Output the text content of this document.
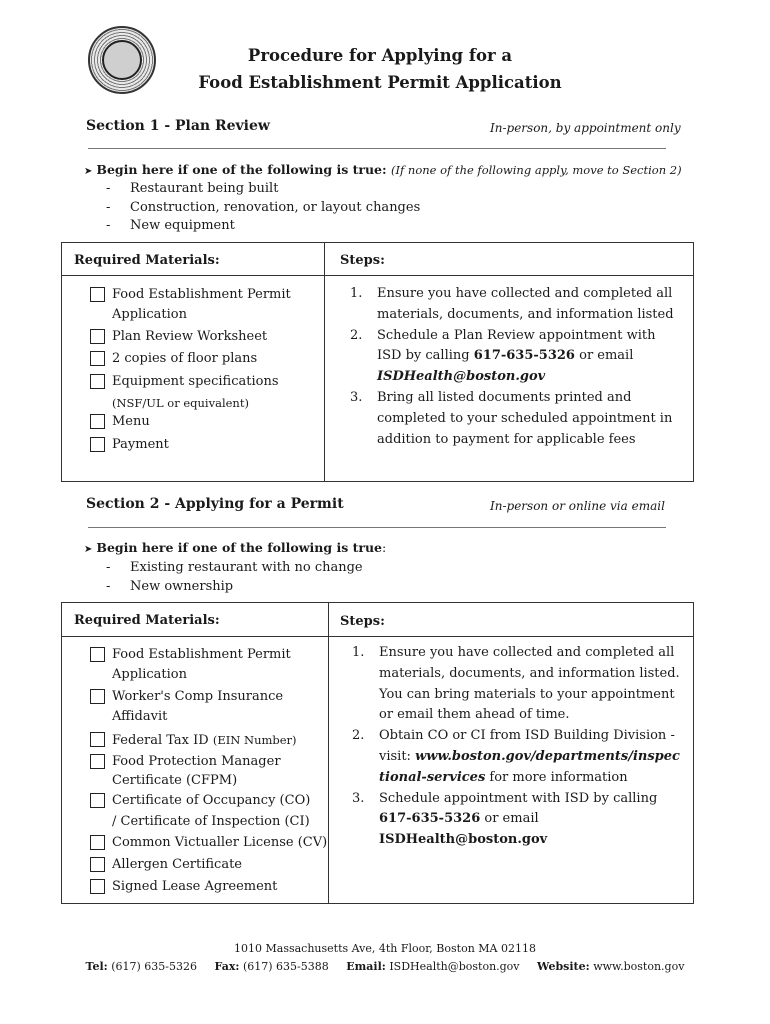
Procedure for Applying for a
Food Establishment Permit Application
Section 1 - Plan Review	In-person, by appointment only
➤ Begin here if one of the following is true: (If none of the following apply, move to Section 2)
- Restaurant being built
- Construction, renovation, or layout changes
- New equipment
Required Materials:	Steps:
Food Establishment Permit
Application
Plan Review Worksheet
2 copies of floor plans
Equipment specifications
(NSF/UL or equivalent)
Menu
Payment
1. Ensure you have collected and completed all materials, documents, and information listed
2. Schedule a Plan Review appointment with ISD by calling 617-635-5326 or email
ISDHealth@boston.gov
3. Bring all listed documents printed and completed to your scheduled appointment in addition to payment for applicable fees
Section 2 - Applying for a Permit	In-person or online via email
➤ Begin here if one of the following is true:
- Existing restaurant with no change
- New ownership
Required Materials:	Steps:
Food Establishment Permit
Application
Worker's Comp Insurance
Affidavit
Federal Tax ID (EIN Number)
Food Protection Manager
Certificate (CFPM)
Certificate of Occupancy (CO)
/ Certificate of Inspection (CI)
Common Victualler License (CV)
Allergen Certificate
Signed Lease Agreement
1. Ensure you have collected and completed all materials, documents, and information listed. You can bring materials to your appointment or email them ahead of time.
2. Obtain CO or CI from ISD Building Division - visit: www.boston.gov/departments/inspectional-services for more information
3. Schedule appointment with ISD by calling 617-635-5326 or email ISDHealth@boston.gov
1010 Massachusetts Ave, 4th Floor, Boston MA 02118
Tel: (617) 635-5326 Fax: (617) 635-5388 Email: ISDHealth@boston.gov Website: www.boston.gov
